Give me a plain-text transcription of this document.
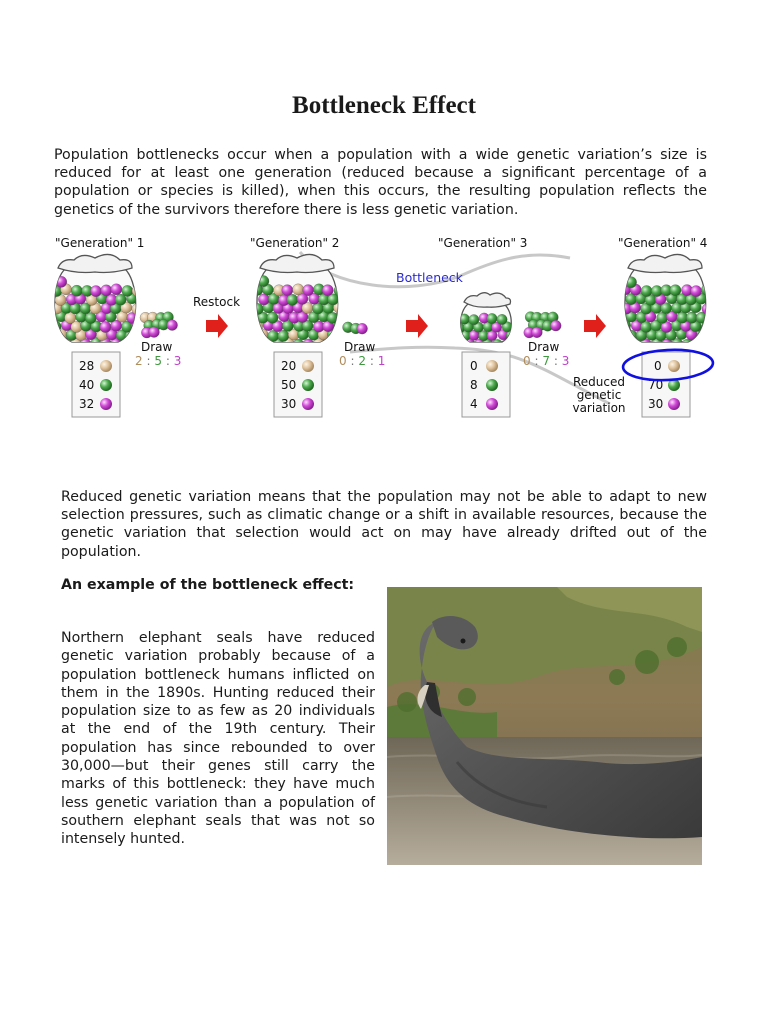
Bottleneck Effect

Population bottlenecks occur when a population with a wide genetic variation’s size is reduced for at least one generation (reduced because a significant percentage of a population or species is killed), when this occurs, the resulting population reflects the genetics of the survivors therefore there is less genetic variation.

"Generation" 1	"Generation" 2	"Generation" 3	"Generation" 4
Bottleneck
Restock
Draw	Draw	Draw
2 : 5 : 3	0 : 2 : 1	0 : 7 : 3
28
40
32
20
50
30
0
8
4
0
70
30
Reduced
genetic
variation

Reduced genetic variation means that the population may not be able to adapt to new selection pressures, such as climatic change or a shift in available resources, because the genetic variation that selection would act on may have already drifted out of the population.

An example of the bottleneck effect:

Northern elephant seals have reduced genetic variation probably because of a population bottleneck humans inflicted on them in the 1890s. Hunting reduced their population size to as few as 20 individuals at the end of the 19th century. Their population has since rebounded to over 30,000—but their genes still carry the marks of this bottleneck: they have much less genetic variation than a population of southern elephant seals that was not so intensely hunted.
